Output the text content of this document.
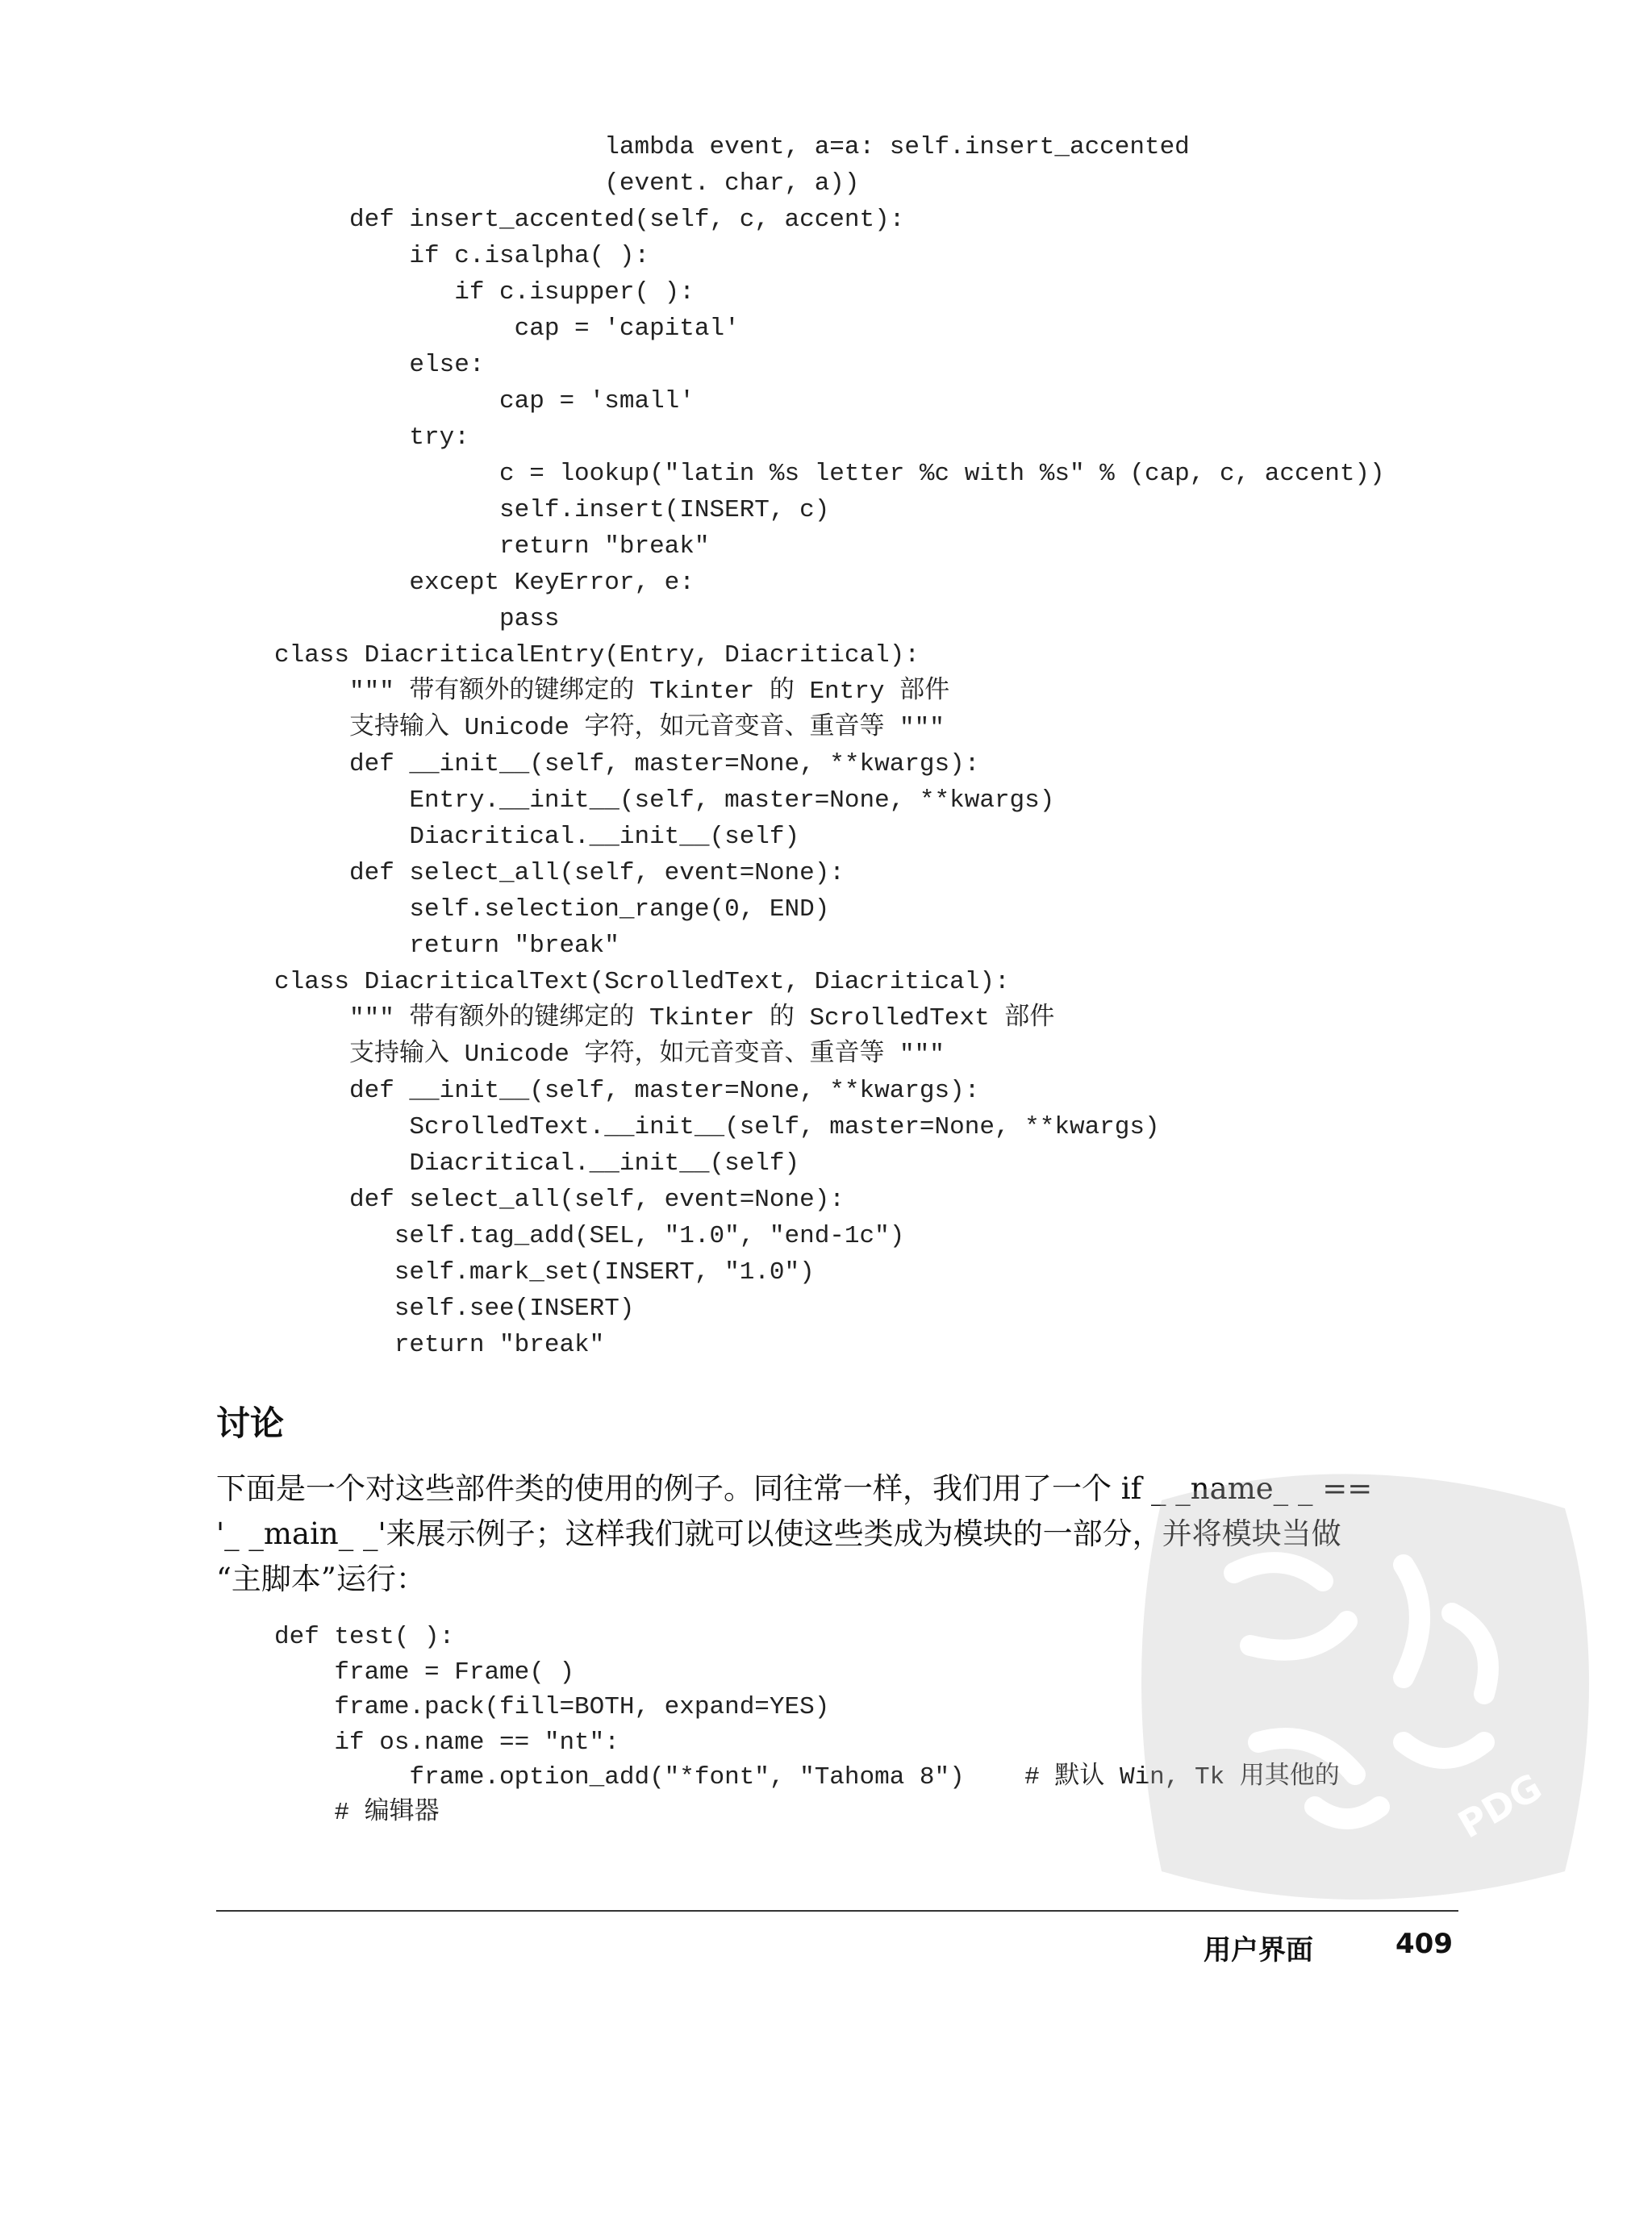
lambda event, a=a: self.insert_accented
(event. char, a))
def insert_accented(self, c, accent):
if c.isalpha( ):
if c.isupper( ):
cap = 'capital'
else:
cap = 'small'
try:
c = lookup("latin %s letter %c with %s" % (cap, c, accent))
self.insert(INSERT, c)
return "break"
except KeyError, e:
pass
class DiacriticalEntry(Entry, Diacritical):
""" 带有额外的键绑定的 Tkinter 的 Entry 部件
支持输入 Unicode 字符，如元音变音、重音等 """
def __init__(self, master=None, **kwargs):
Entry.__init__(self, master=None, **kwargs)
Diacritical.__init__(self)
def select_all(self, event=None):
self.selection_range(0, END)
return "break"
class DiacriticalText(ScrolledText, Diacritical):
""" 带有额外的键绑定的 Tkinter 的 ScrolledText 部件
支持输入 Unicode 字符，如元音变音、重音等 """
def __init__(self, master=None, **kwargs):
ScrolledText.__init__(self, master=None, **kwargs)
Diacritical.__init__(self)
def select_all(self, event=None):
self.tag_add(SEL, "1.0", "end-1c")
self.mark_set(INSERT, "1.0")
self.see(INSERT)
return "break"
讨论

下面是一个对这些部件类的使用的例子。同往常一样，我们用了一个 if _ _name_ _ ==
'_ _main_ _'来展示例子；这样我们就可以使这些类成为模块的一部分，并将模块当做
“主脚本”运行：

def test( ):
frame = Frame( )
frame.pack(fill=BOTH, expand=YES)
if os.name == "nt":
frame.option_add("*font", "Tahoma 8")    # 默认 Win, Tk 用其他的
# 编辑器	PDG
用户界面	409
